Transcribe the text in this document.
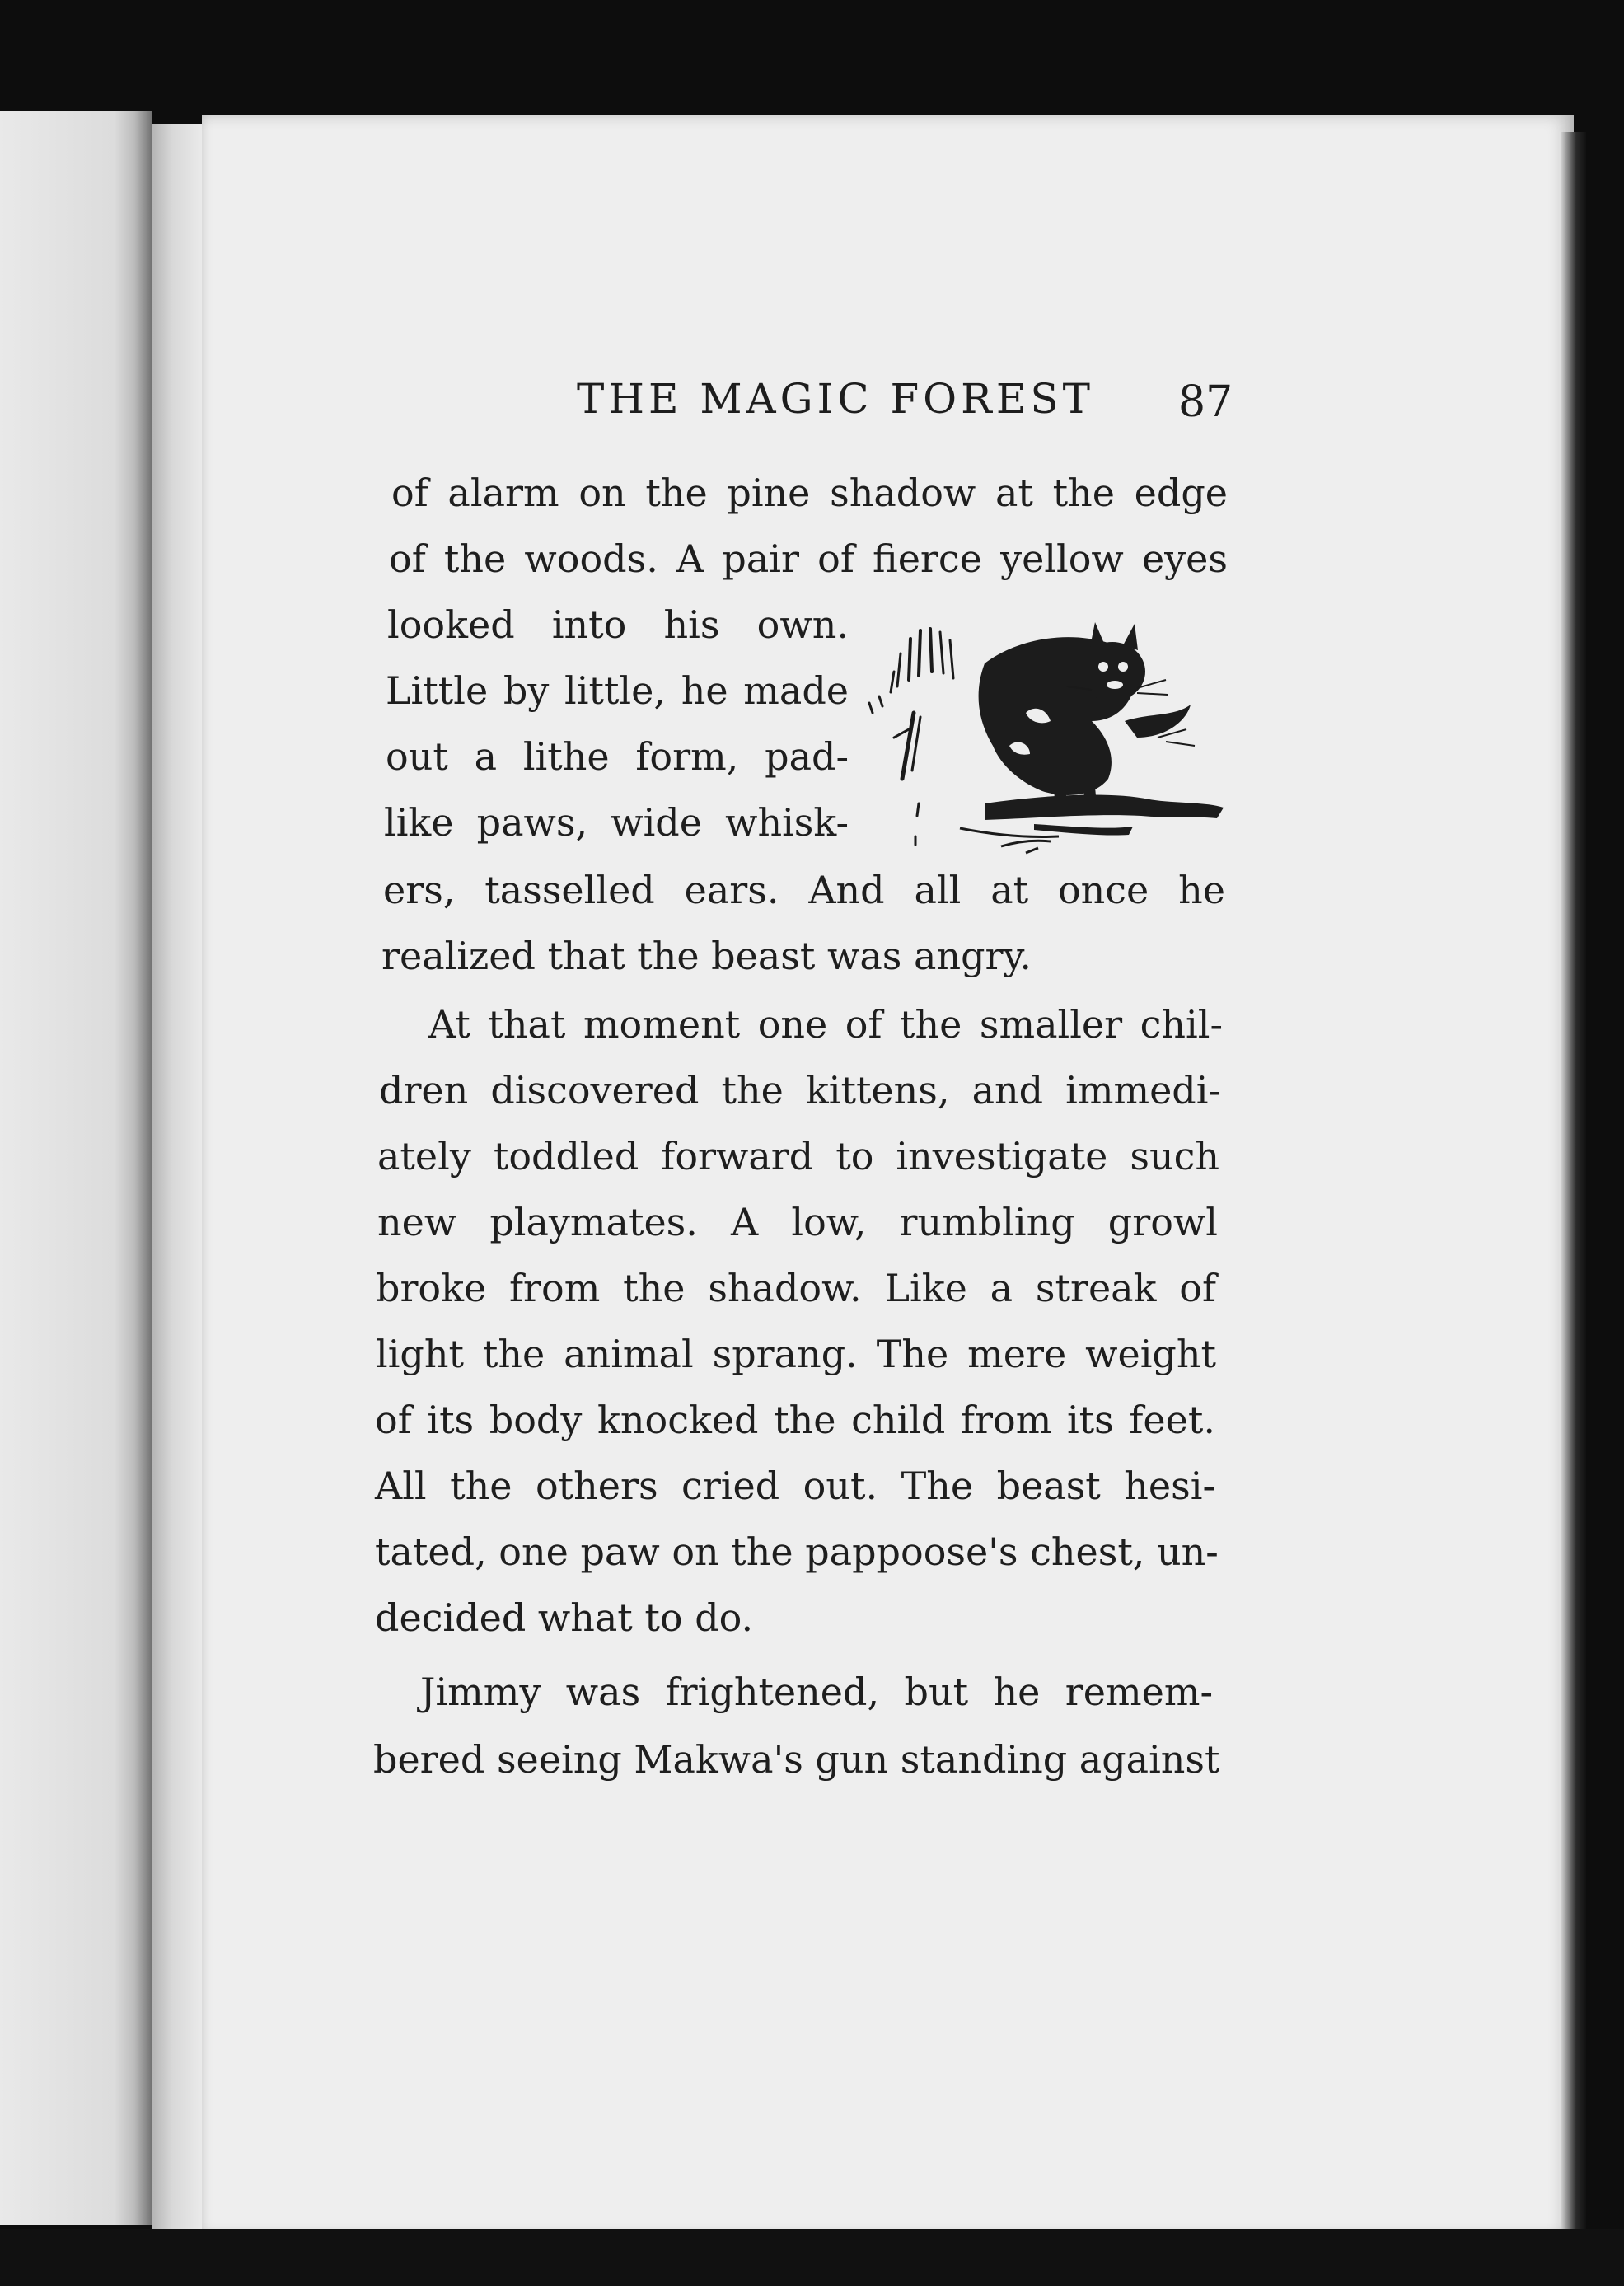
THE MAGIC FOREST 87
of alarm on the pine shadow at the edge
of the woods. A pair of fierce yellow eyes
looked into his own.
Little by little, he made
out a lithe form, pad-
like paws, wide whisk-
ers, tasselled ears. And all at once he
realized that the beast was angry.
At that moment one of the smaller chil-
dren discovered the kittens, and immedi-
ately toddled forward to investigate such
new playmates. A low, rumbling growl
broke from the shadow. Like a streak of
light the animal sprang. The mere weight
of its body knocked the child from its feet.
All the others cried out. The beast hesi-
tated, one paw on the pappoose's chest, un-
decided what to do.
Jimmy was frightened, but he remem-
bered seeing Makwa's gun standing against
